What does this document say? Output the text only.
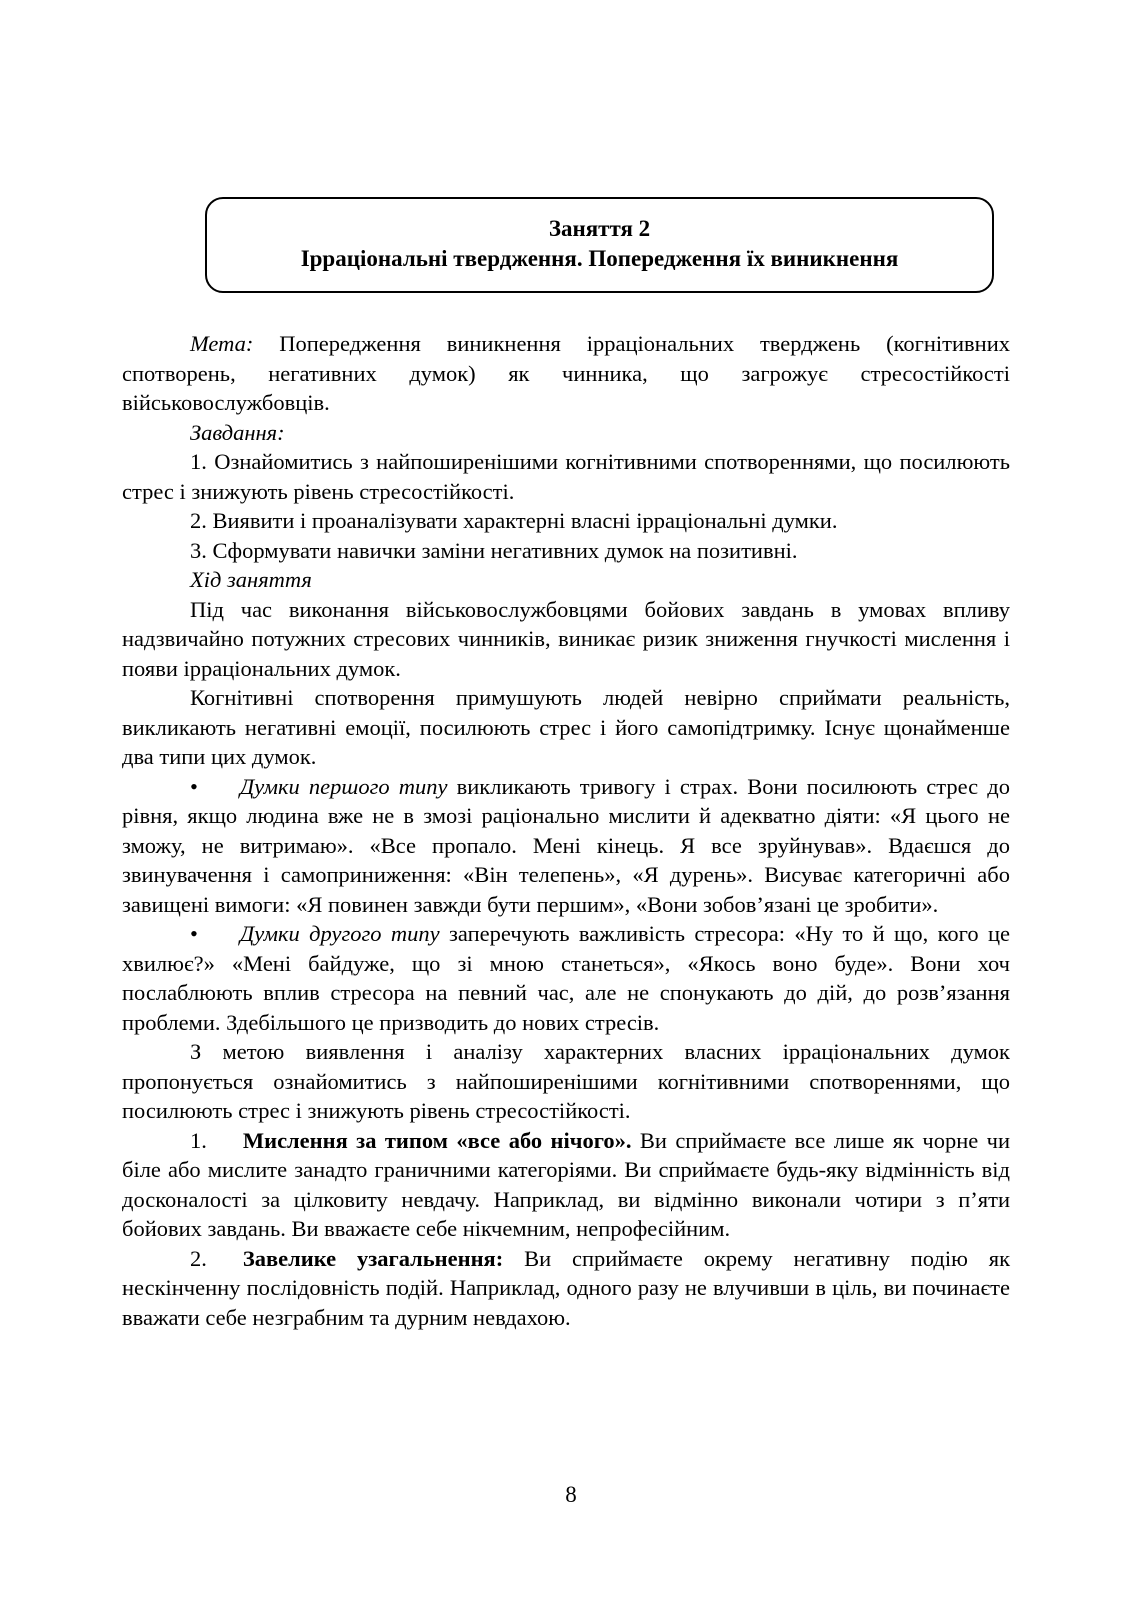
Заняття 2
Ірраціональні твердження. Попередження їх виникнення

Мета: Попередження виникнення ірраціональних тверджень (когнітивних спотворень, негативних думок) як чинника, що загрожує стресостійкості військовослужбовців.

Завдання:

1. Ознайомитись з найпоширенішими когнітивними спотвореннями, що посилюють стрес і знижують рівень стресостійкості.

2. Виявити і проаналізувати характерні власні ірраціональні думки.

3. Сформувати навички заміни негативних думок на позитивні.

Хід заняття

Під час виконання військовослужбовцями бойових завдань в умовах впливу надзвичайно потужних стресових чинників, виникає ризик зниження гнучкості мислення і появи ірраціональних думок.

Когнітивні спотворення примушують людей невірно сприймати реальність, викликають негативні емоції, посилюють стрес і його самопідтримку. Існує щонайменше два типи цих думок.

• Думки першого типу викликають тривогу і страх. Вони посилюють стрес до рівня, якщо людина вже не в змозі раціонально мислити й адекватно діяти: «Я цього не зможу, не витримаю». «Все пропало. Мені кінець. Я все зруйнував». Вдаєшся до звинувачення і самоприниження: «Він телепень», «Я дурень». Висуває категоричні або завищені вимоги: «Я повинен завжди бути першим», «Вони зобов’язані це зробити».

• Думки другого типу заперечують важливість стресора: «Ну то й що, кого це хвилює?» «Мені байдуже, що зі мною станеться», «Якось воно буде». Вони хоч послаблюють вплив стресора на певний час, але не спонукають до дій, до розв’язання проблеми. Здебільшого це призводить до нових стресів.

З метою виявлення і аналізу характерних власних ірраціональних думок пропонується ознайомитись з найпоширенішими когнітивними спотвореннями, що посилюють стрес і знижують рівень стресостійкості.

1. Мислення за типом «все або нічого». Ви сприймаєте все лише як чорне чи біле або мислите занадто граничними категоріями. Ви сприймаєте будь-яку відмінність від досконалості за цілковиту невдачу. Наприклад, ви відмінно виконали чотири з п’яти бойових завдань. Ви вважаєте себе нікчемним, непрофесійним.

2. Завелике узагальнення: Ви сприймаєте окрему негативну подію як нескінченну послідовність подій. Наприклад, одного разу не влучивши в ціль, ви починаєте вважати себе незграбним та дурним невдахою.

8
